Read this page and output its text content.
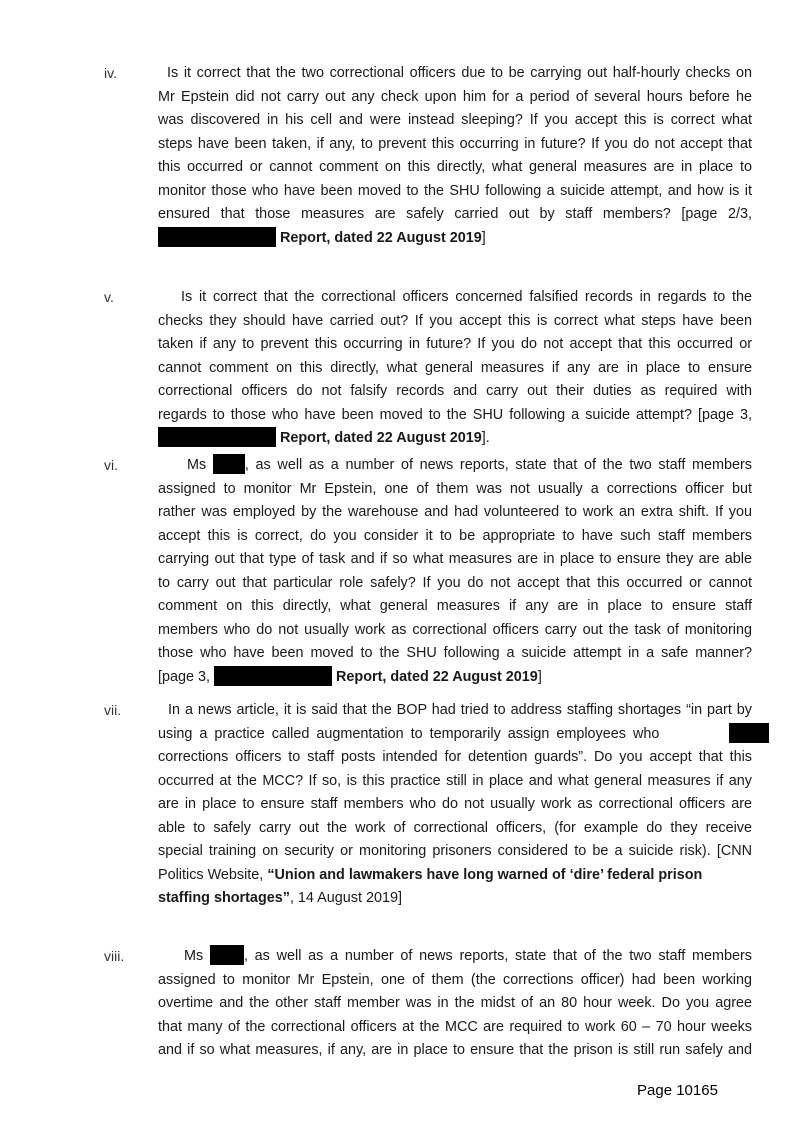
iv.	Is it correct that the two correctional officers due to be carrying out half-hourly checks on
Mr Epstein did not carry out any check upon him for a period of several hours before he
was discovered in his cell and were instead sleeping? If you accept this is correct what
steps have been taken, if any, to prevent this occurring in future? If you do not accept that
this occurred or cannot comment on this directly, what general measures are in place to
monitor those who have been moved to the SHU following a suicide attempt, and how is it
ensured that those measures are safely carried out by staff members? [page 2/3,
Report, dated 22 August 2019]
v.	Is it correct that the correctional officers concerned falsified records in regards to the
checks they should have carried out? If you accept this is correct what steps have been
taken if any to prevent this occurring in future? If you do not accept that this occurred or
cannot comment on this directly, what general measures if any are in place to ensure
correctional officers do not falsify records and carry out their duties as required with
regards to those who have been moved to the SHU following a suicide attempt? [page 3,
Report, dated 22 August 2019].
vi.	Ms	, as well as a number of news reports, state that of the two staff members
assigned to monitor Mr Epstein, one of them was not usually a corrections officer but
rather was employed by the warehouse and had volunteered to work an extra shift. If you
accept this is correct, do you consider it to be appropriate to have such staff members
carrying out that type of task and if so what measures are in place to ensure they are able
to carry out that particular role safely? If you do not accept that this occurred or cannot
comment on this directly, what general measures if any are in place to ensure staff
members who do not usually work as correctional officers carry out the task of monitoring
those who have been moved to the SHU following a suicide attempt in a safe manner?
[page 3,	Report, dated 22 August 2019]
vii.	In a news article, it is said that the BOP had tried to address staffing shortages “in part by
using a practice called augmentation to temporarily assign employees who
corrections officers to staff posts intended for detention guards”. Do you accept that this
occurred at the MCC? If so, is this practice still in place and what general measures if any
are in place to ensure staff members who do not usually work as correctional officers are
able to safely carry out the work of correctional officers, (for example do they receive
special training on security or monitoring prisoners considered to be a suicide risk). [CNN
Politics Website, “Union and lawmakers have long warned of ‘dire’ federal prison
staffing shortages”, 14 August 2019]
viii.	Ms	, as well as a number of news reports, state that of the two staff members
assigned to monitor Mr Epstein, one of them (the corrections officer) had been working
overtime and the other staff member was in the midst of an 80 hour week. Do you agree
that many of the correctional officers at the MCC are required to work 60 – 70 hour weeks
and if so what measures, if any, are in place to ensure that the prison is still run safely and
Page 10165
